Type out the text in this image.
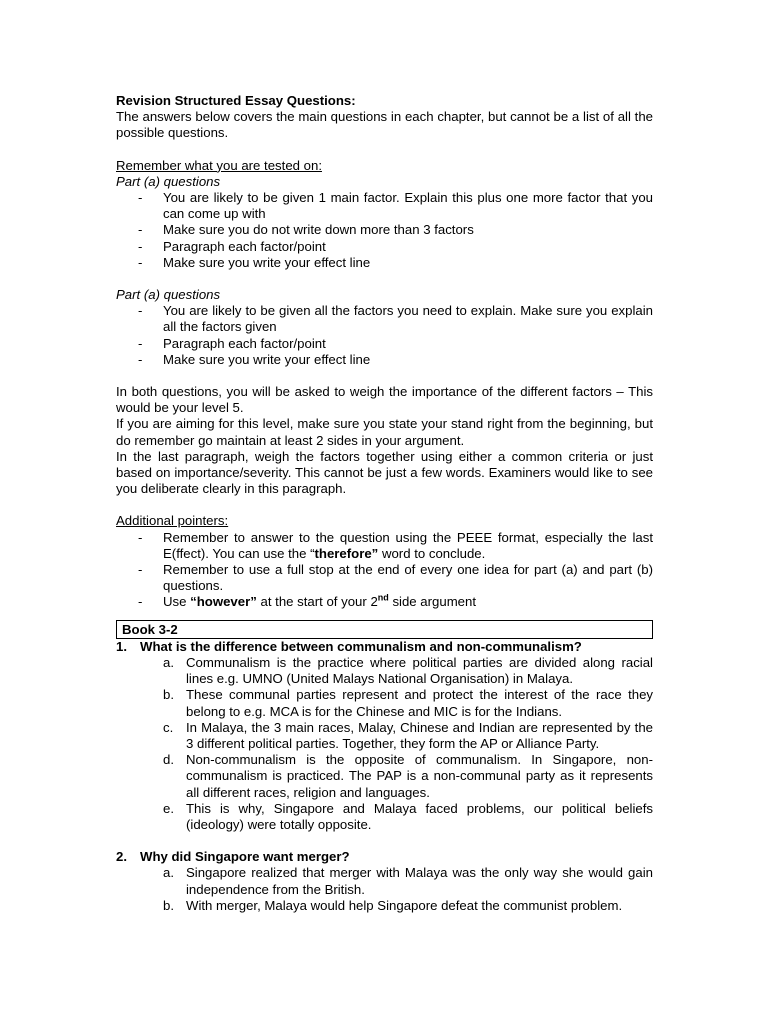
Revision Structured Essay Questions:
The answers below covers the main questions in each chapter, but cannot be a list of all the possible questions.
Remember what you are tested on:
Part (a) questions
- You are likely to be given 1 main factor. Explain this plus one more factor that you can come up with
- Make sure you do not write down more than 3 factors
- Paragraph each factor/point
- Make sure you write your effect line
Part (a) questions
- You are likely to be given all the factors you need to explain. Make sure you explain all the factors given
- Paragraph each factor/point
- Make sure you write your effect line
In both questions, you will be asked to weigh the importance of the different factors – This would be your level 5.
If you are aiming for this level, make sure you state your stand right from the beginning, but do remember go maintain at least 2 sides in your argument.
In the last paragraph, weigh the factors together using either a common criteria or just based on importance/severity. This cannot be just a few words. Examiners would like to see you deliberate clearly in this paragraph.
Additional pointers:
- Remember to answer to the question using the PEEE format, especially the last E(ffect). You can use the “therefore” word to conclude.
- Remember to use a full stop at the end of every one idea for part (a) and part (b) questions.
- Use “however” at the start of your 2nd side argument
Book 3-2
1. What is the difference between communalism and non-communalism?
a. Communalism is the practice where political parties are divided along racial lines e.g. UMNO (United Malays National Organisation) in Malaya.
b. These communal parties represent and protect the interest of the race they belong to e.g. MCA is for the Chinese and MIC is for the Indians.
c. In Malaya, the 3 main races, Malay, Chinese and Indian are represented by the 3 different political parties. Together, they form the AP or Alliance Party.
d. Non-communalism is the opposite of communalism. In Singapore, non-communalism is practiced. The PAP is a non-communal party as it represents all different races, religion and languages.
e. This is why, Singapore and Malaya faced problems, our political beliefs (ideology) were totally opposite.
2. Why did Singapore want merger?
a. Singapore realized that merger with Malaya was the only way she would gain independence from the British.
b. With merger, Malaya would help Singapore defeat the communist problem.
